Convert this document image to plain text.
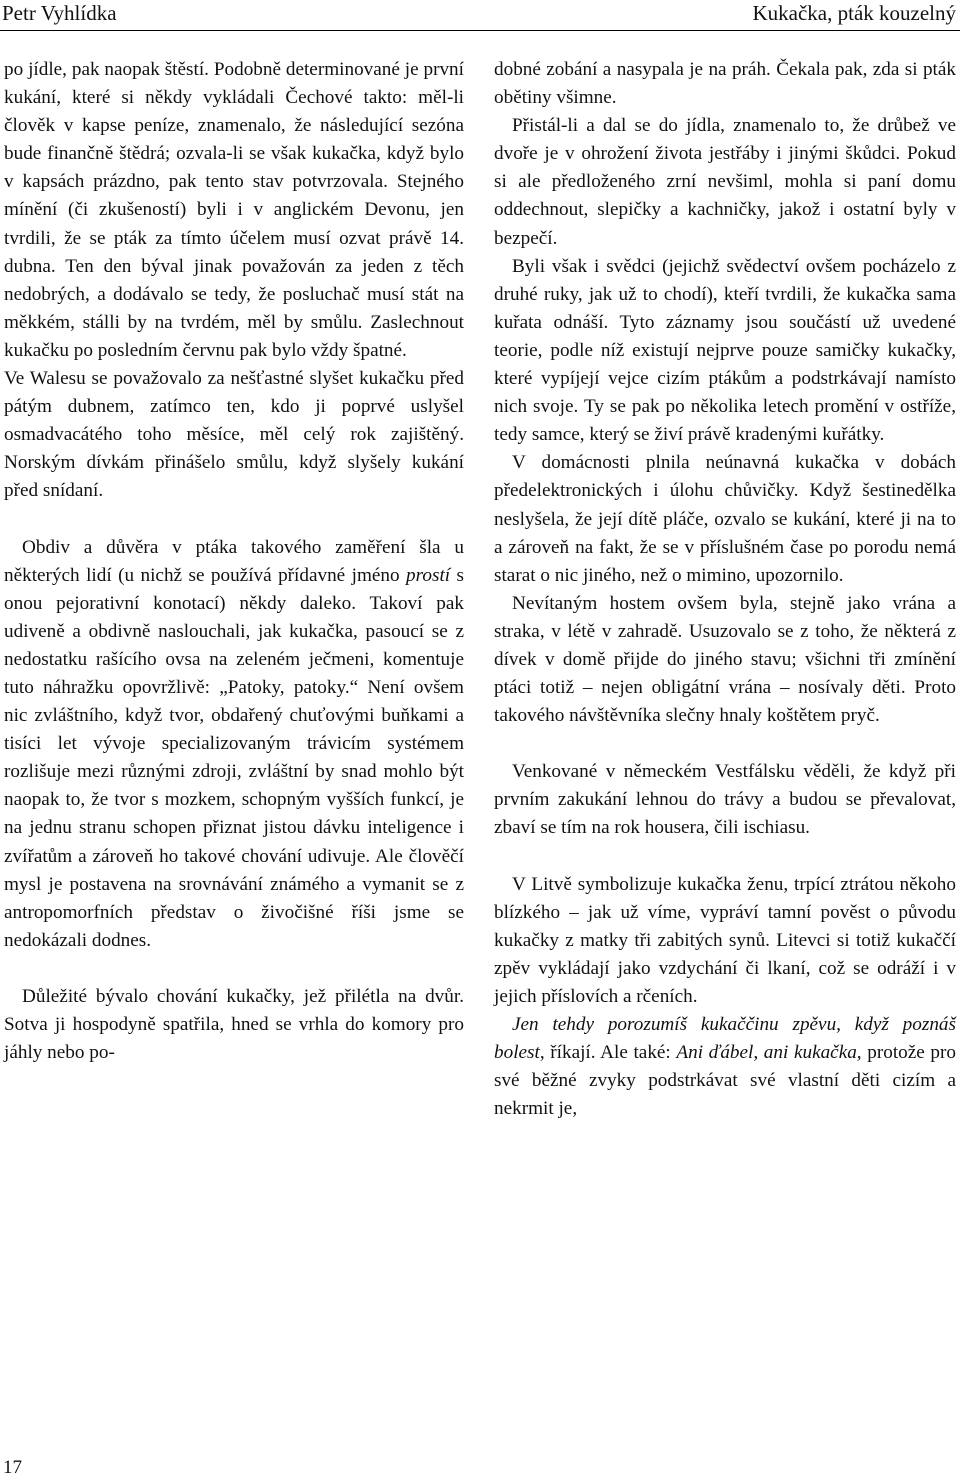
Petr Vyhlídka	Kukačka, pták kouzelný

po jídle, pak naopak štěstí. Podobně determinované je první kukání, které si někdy vykládali Čechové takto: měl-li člověk v kapse peníze, znamenalo, že následující sezóna bude finančně štědrá; ozvala-li se však kukačka, když bylo v kapsách prázdno, pak tento stav potvrzovala. Stejného mínění (či zkušeností) byli i v anglickém Devonu, jen tvrdili, že se pták za tímto účelem musí ozvat právě 14. dubna. Ten den býval jinak považován za jeden z těch nedobrých, a dodávalo se tedy, že posluchač musí stát na měkkém, stálli by na tvrdém, měl by smůlu. Zaslechnout kukačku po posledním červnu pak bylo vždy špatné.

Ve Walesu se považovalo za nešťastné slyšet kukačku před pátým dubnem, zatímco ten, kdo ji poprvé uslyšel osmadvacátého toho měsíce, měl celý rok zajištěný. Norským dívkám přinášelo smůlu, když slyšely kukání před snídaní.

Obdiv a důvěra v ptáka takového zaměření šla u některých lidí (u nichž se používá přídavné jméno prostí s onou pejorativní konotací) někdy daleko. Takoví pak udiveně a obdivně naslouchali, jak kukačka, pasoucí se z nedostatku rašícího ovsa na zeleném ječmeni, komentuje tuto náhražku opovržlivě: „Patoky, patoky.“ Není ovšem nic zvláštního, když tvor, obdařený chuťovými buňkami a tisíci let vývoje specializovaným trávicím systémem rozlišuje mezi různými zdroji, zvláštní by snad mohlo být naopak to, že tvor s mozkem, schopným vyšších funkcí, je na jednu stranu schopen přiznat jistou dávku inteligence i zvířatům a zároveň ho takové chování udivuje. Ale člověčí mysl je postavena na srovnávání známého a vymanit se z antropomorfních představ o živočišné říši jsme se nedokázali dodnes.

Důležité bývalo chování kukačky, jež přilétla na dvůr. Sotva ji hospodyně spatřila, hned se vrhla do komory pro jáhly nebo po-

dobné zobání a nasypala je na práh. Čekala pak, zda si pták obětiny všimne.

Přistál-li a dal se do jídla, znamenalo to, že drůbež ve dvoře je v ohrožení života jestřáby i jinými škůdci. Pokud si ale předloženého zrní nevšiml, mohla si paní domu oddechnout, slepičky a kachničky, jakož i ostatní byly v bezpečí.

Byli však i svědci (jejichž svědectví ovšem pocházelo z druhé ruky, jak už to chodí), kteří tvrdili, že kukačka sama kuřata odnáší. Tyto záznamy jsou součástí už uvedené teorie, podle níž existují nejprve pouze samičky kukačky, které vypíjejí vejce cizím ptákům a podstrkávají namísto nich svoje. Ty se pak po několika letech promění v ostříže, tedy samce, který se živí právě kradenými kuřátky.

V domácnosti plnila neúnavná kukačka v dobách předelektronických i úlohu chůvičky. Když šestinedělka neslyšela, že její dítě pláče, ozvalo se kukání, které ji na to a zároveň na fakt, že se v příslušném čase po porodu nemá starat o nic jiného, než o mimino, upozornilo.

Nevítaným hostem ovšem byla, stejně jako vrána a straka, v létě v zahradě. Usuzovalo se z toho, že některá z dívek v domě přijde do jiného stavu; všichni tři zmínění ptáci totiž – nejen obligátní vrána – nosívaly děti. Proto takového návštěvníka slečny hnaly koštětem pryč.

Venkované v německém Vestfálsku věděli, že když při prvním zakukání lehnou do trávy a budou se převalovat, zbaví se tím na rok housera, čili ischiasu.

V Litvě symbolizuje kukačka ženu, trpící ztrátou někoho blízkého – jak už víme, vypráví tamní pověst o původu kukačky z matky tři zabitých synů. Litevci si totiž kukaččí zpěv vykládají jako vzdychání či lkaní, což se odráží i v jejich příslovích a rčeních.

Jen tehdy porozumíš kukaččinu zpěvu, když poznáš bolest, říkají. Ale také: Ani ďábel, ani kukačka, protože pro své běžné zvyky podstrkávat své vlastní děti cizím a nekrmit je,

17
